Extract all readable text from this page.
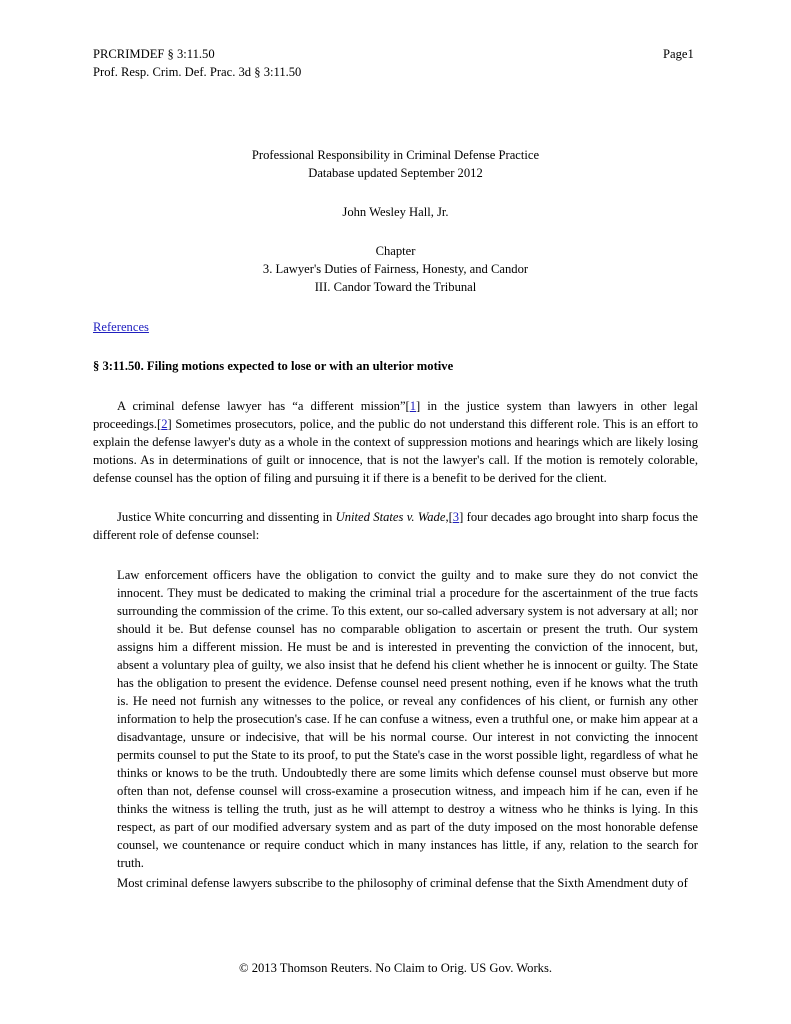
PRCRIMDEF § 3:11.50
Prof. Resp. Crim. Def. Prac. 3d § 3:11.50
Page1
Professional Responsibility in Criminal Defense Practice
Database updated September 2012
John Wesley Hall, Jr.
Chapter
3. Lawyer's Duties of Fairness, Honesty, and Candor
III. Candor Toward the Tribunal
References
§ 3:11.50. Filing motions expected to lose or with an ulterior motive

A criminal defense lawyer has “a different mission”[1] in the justice system than lawyers in other legal proceedings.[2] Sometimes prosecutors, police, and the public do not understand this different role. This is an effort to explain the defense lawyer's duty as a whole in the context of suppression motions and hearings which are likely losing motions. As in determinations of guilt or innocence, that is not the lawyer's call. If the motion is remotely colorable, defense counsel has the option of filing and pursuing it if there is a benefit to be derived for the client.

Justice White concurring and dissenting in United States v. Wade,[3] four decades ago brought into sharp focus the different role of defense counsel:

Law enforcement officers have the obligation to convict the guilty and to make sure they do not convict the innocent. They must be dedicated to making the criminal trial a procedure for the ascertainment of the true facts surrounding the commission of the crime. To this extent, our so-called adversary system is not adversary at all; nor should it be. But defense counsel has no comparable obligation to ascertain or present the truth. Our system assigns him a different mission. He must be and is interested in preventing the conviction of the innocent, but, absent a voluntary plea of guilty, we also insist that he defend his client whether he is innocent or guilty. The State has the obligation to present the evidence. Defense counsel need present nothing, even if he knows what the truth is. He need not furnish any witnesses to the police, or reveal any confidences of his client, or furnish any other information to help the prosecution's case. If he can confuse a witness, even a truthful one, or make him appear at a disadvantage, unsure or indecisive, that will be his normal course. Our interest in not convicting the innocent permits counsel to put the State to its proof, to put the State's case in the worst possible light, regardless of what he thinks or knows to be the truth. Undoubtedly there are some limits which defense counsel must observe but more often than not, defense counsel will cross-examine a prosecution witness, and impeach him if he can, even if he thinks the witness is telling the truth, just as he will attempt to destroy a witness who he thinks is lying. In this respect, as part of our modified adversary system and as part of the duty imposed on the most honorable defense counsel, we countenance or require conduct which in many instances has little, if any, relation to the search for truth.

Most criminal defense lawyers subscribe to the philosophy of criminal defense that the Sixth Amendment duty of

© 2013 Thomson Reuters. No Claim to Orig. US Gov. Works.
